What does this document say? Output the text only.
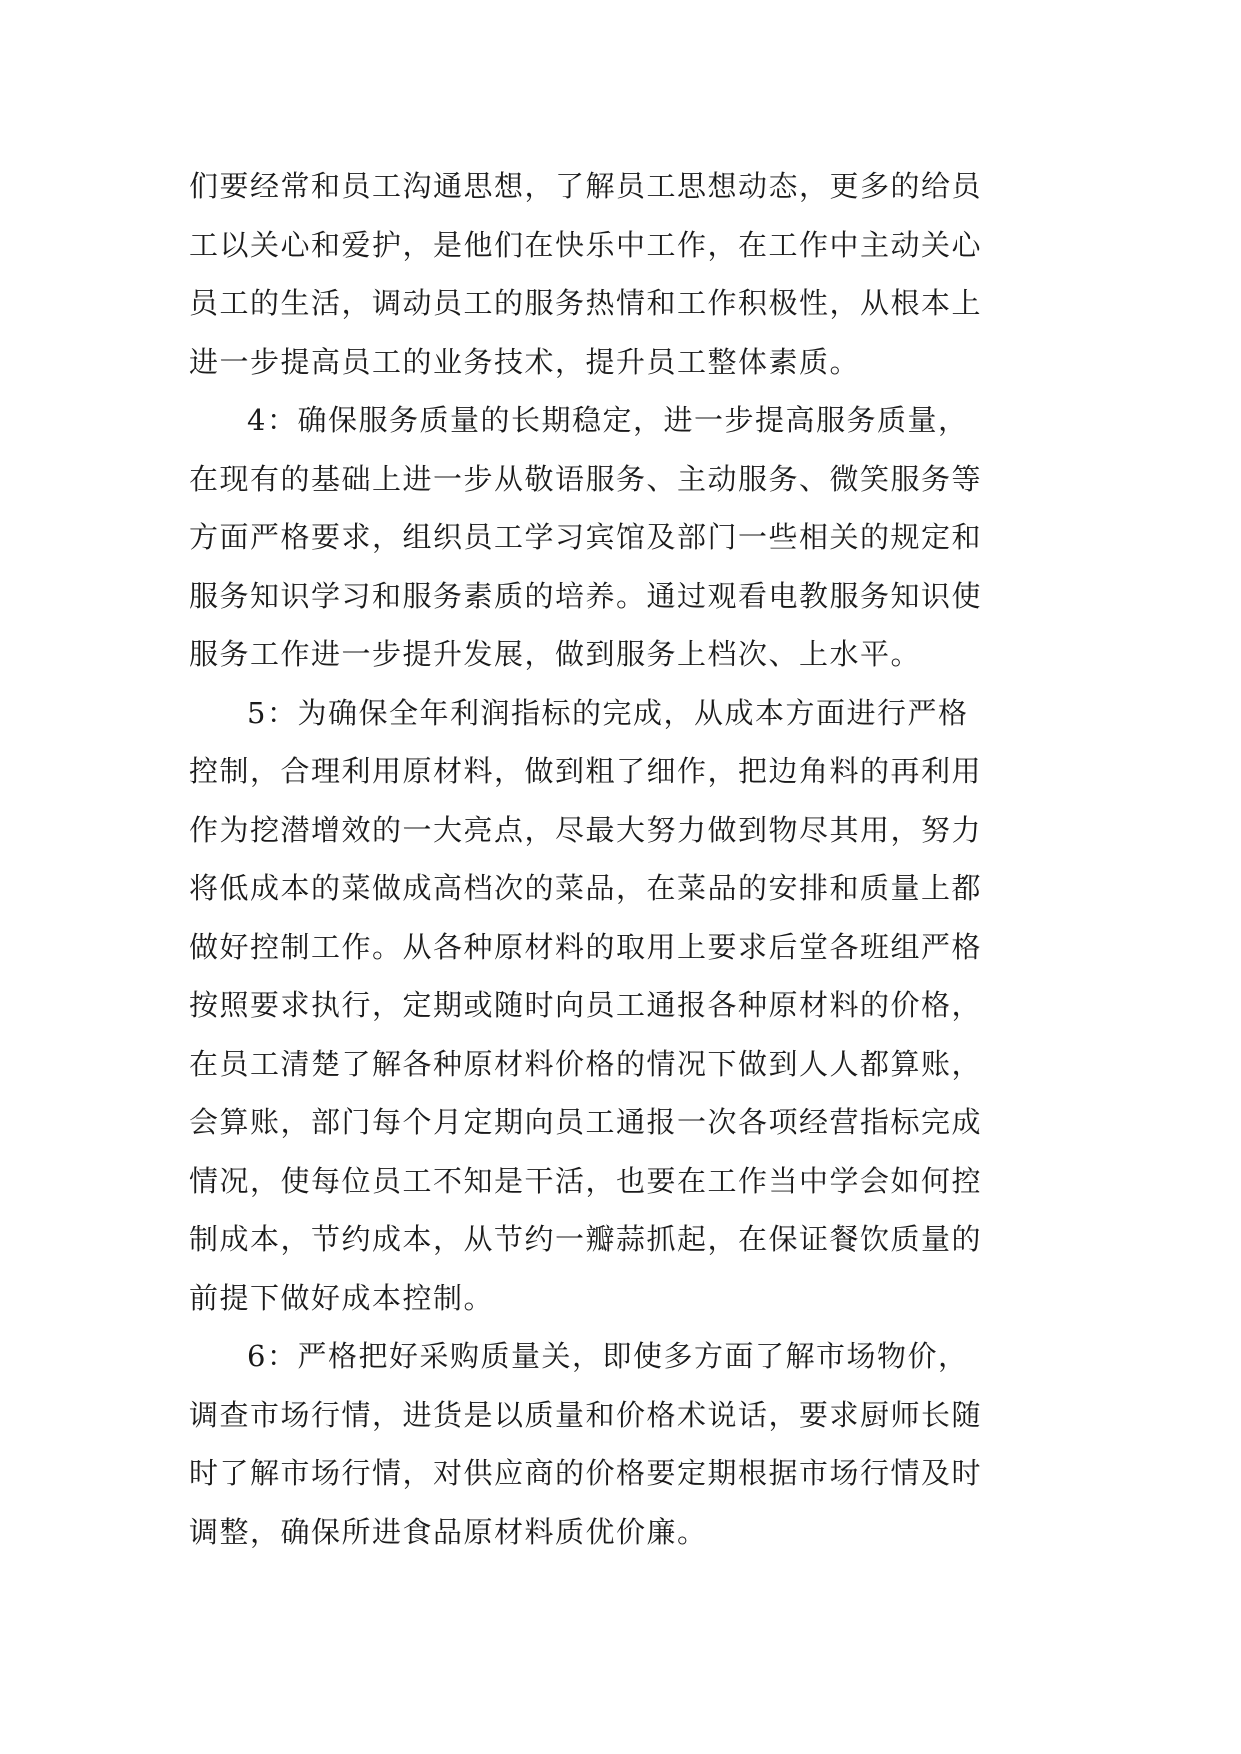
们要经常和员工沟通思想，了解员工思想动态，更多的给员
工以关心和爱护，是他们在快乐中工作，在工作中主动关心
员工的生活，调动员工的服务热情和工作积极性，从根本上
进一步提高员工的业务技术，提升员工整体素质。
4：确保服务质量的长期稳定，进一步提高服务质量，
在现有的基础上进一步从敬语服务、主动服务、微笑服务等
方面严格要求，组织员工学习宾馆及部门一些相关的规定和
服务知识学习和服务素质的培养。通过观看电教服务知识使
服务工作进一步提升发展，做到服务上档次、上水平。
5：为确保全年利润指标的完成，从成本方面进行严格
控制，合理利用原材料，做到粗了细作，把边角料的再利用
作为挖潜增效的一大亮点，尽最大努力做到物尽其用，努力
将低成本的菜做成高档次的菜品，在菜品的安排和质量上都
做好控制工作。从各种原材料的取用上要求后堂各班组严格
按照要求执行，定期或随时向员工通报各种原材料的价格，
在员工清楚了解各种原材料价格的情况下做到人人都算账，
会算账，部门每个月定期向员工通报一次各项经营指标完成
情况，使每位员工不知是干活，也要在工作当中学会如何控
制成本，节约成本，从节约一瓣蒜抓起，在保证餐饮质量的
前提下做好成本控制。
6：严格把好采购质量关，即使多方面了解市场物价，
调查市场行情，进货是以质量和价格术说话，要求厨师长随
时了解市场行情，对供应商的价格要定期根据市场行情及时
调整，确保所进食品原材料质优价廉。
